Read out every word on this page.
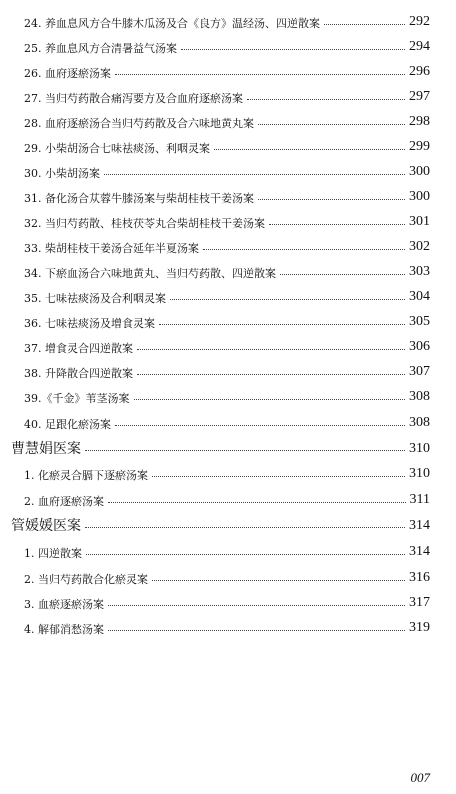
24. 养血息风方合牛膝木瓜汤及合《良方》温经汤、四逆散案	292
25. 养血息风方合清暑益气汤案	294
26. 血府逐瘀汤案	296
27. 当归芍药散合痛泻要方及合血府逐瘀汤案	297
28. 血府逐瘀汤合当归芍药散及合六味地黄丸案	298
29. 小柴胡汤合七味祛痰汤、利咽灵案	299
30. 小柴胡汤案	300
31. 备化汤合苁蓉牛膝汤案与柴胡桂枝干姜汤案	300
32. 当归芍药散、桂枝茯苓丸合柴胡桂枝干姜汤案	301
33. 柴胡桂枝干姜汤合延年半夏汤案	302
34. 下瘀血汤合六味地黄丸、当归芍药散、四逆散案	303
35. 七味祛痰汤及合利咽灵案	304
36. 七味祛痰汤及增食灵案	305
37. 增食灵合四逆散案	306
38. 升降散合四逆散案	307
39.《千金》苇茎汤案	308
40. 足跟化瘀汤案	308
曹慧娟医案	310
1. 化瘀灵合膈下逐瘀汤案	310
2. 血府逐瘀汤案	311
管媛媛医案	314
1. 四逆散案	314
2. 当归芍药散合化瘀灵案	316
3. 血瘀逐瘀汤案	317
4. 解郁消愁汤案	319
007
